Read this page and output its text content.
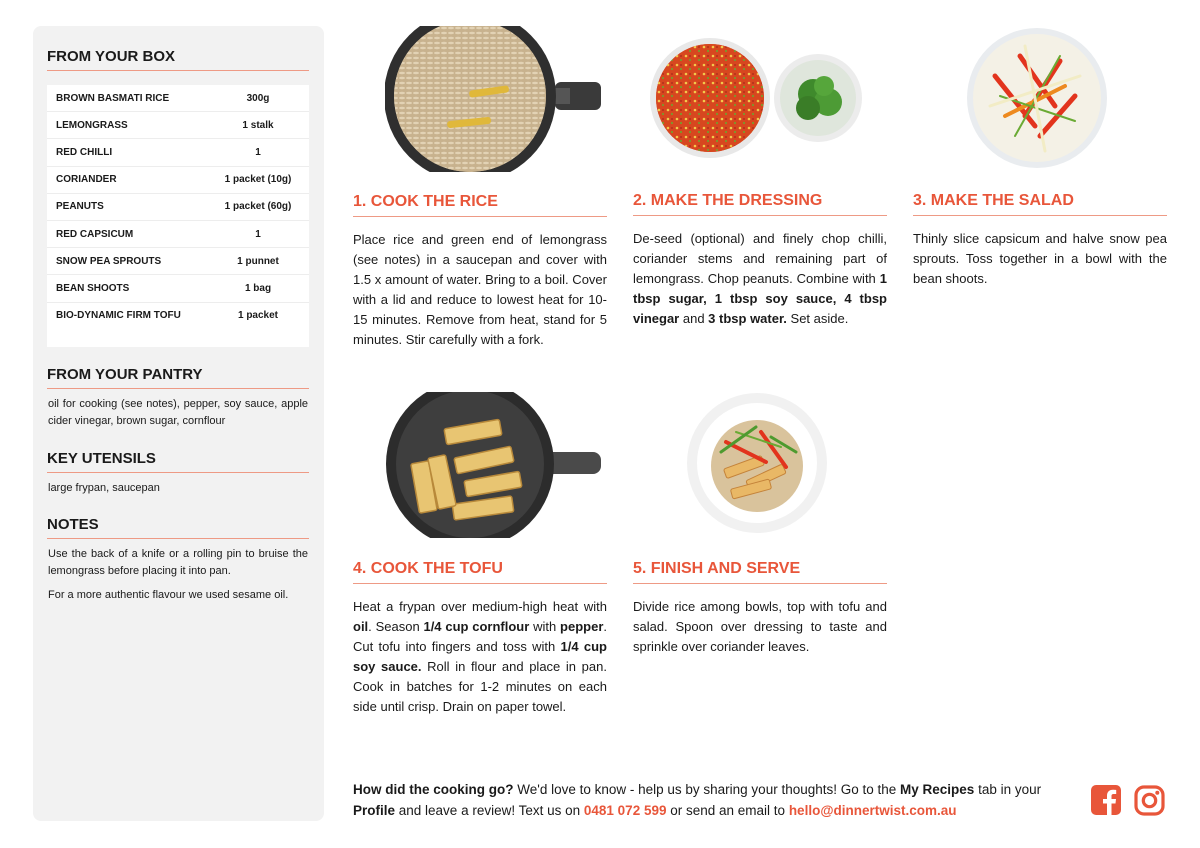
FROM YOUR BOX
BROWN BASMATI RICE	300g
LEMONGRASS	1 stalk
RED CHILLI	1
CORIANDER	1 packet (10g)
PEANUTS	1 packet (60g)
RED CAPSICUM	1
SNOW PEA SPROUTS	1 punnet
BEAN SHOOTS	1 bag
BIO-DYNAMIC FIRM TOFU	1 packet
FROM YOUR PANTRY

oil for cooking (see notes), pepper, soy sauce, apple cider vinegar, brown sugar, cornflour

KEY UTENSILS

large frypan, saucepan

NOTES

Use the back of a knife or a rolling pin to bruise the lemongrass before placing it into pan.

For a more authentic flavour we used sesame oil.

1. COOK THE RICE
Place rice and green end of lemongrass (see notes) in a saucepan and cover with 1.5 x amount of water. Bring to a boil. Cover with a lid and reduce to lowest heat for 10-15 minutes. Remove from heat, stand for 5 minutes. Stir carefully with a fork.
2. MAKE THE DRESSING
De-seed (optional) and finely chop chilli, coriander stems and remaining part of lemongrass. Chop peanuts. Combine with 1 tbsp sugar, 1 tbsp soy sauce, 4 tbsp vinegar and 3 tbsp water. Set aside.
3. MAKE THE SALAD
Thinly slice capsicum and halve snow pea sprouts. Toss together in a bowl with the bean shoots.
4. COOK THE TOFU
Heat a frypan over medium-high heat with oil. Season 1/4 cup cornflour with pepper. Cut tofu into fingers and toss with 1/4 cup soy sauce. Roll in flour and place in pan. Cook in batches for 1-2 minutes on each side until crisp. Drain on paper towel.
5. FINISH AND SERVE
Divide rice among bowls, top with tofu and salad. Spoon over dressing to taste and sprinkle over coriander leaves.
How did the cooking go? We'd love to know - help us by sharing your thoughts! Go to the My Recipes tab in your Profile and leave a review! Text us on 0481 072 599 or send an email to hello@dinnertwist.com.au
